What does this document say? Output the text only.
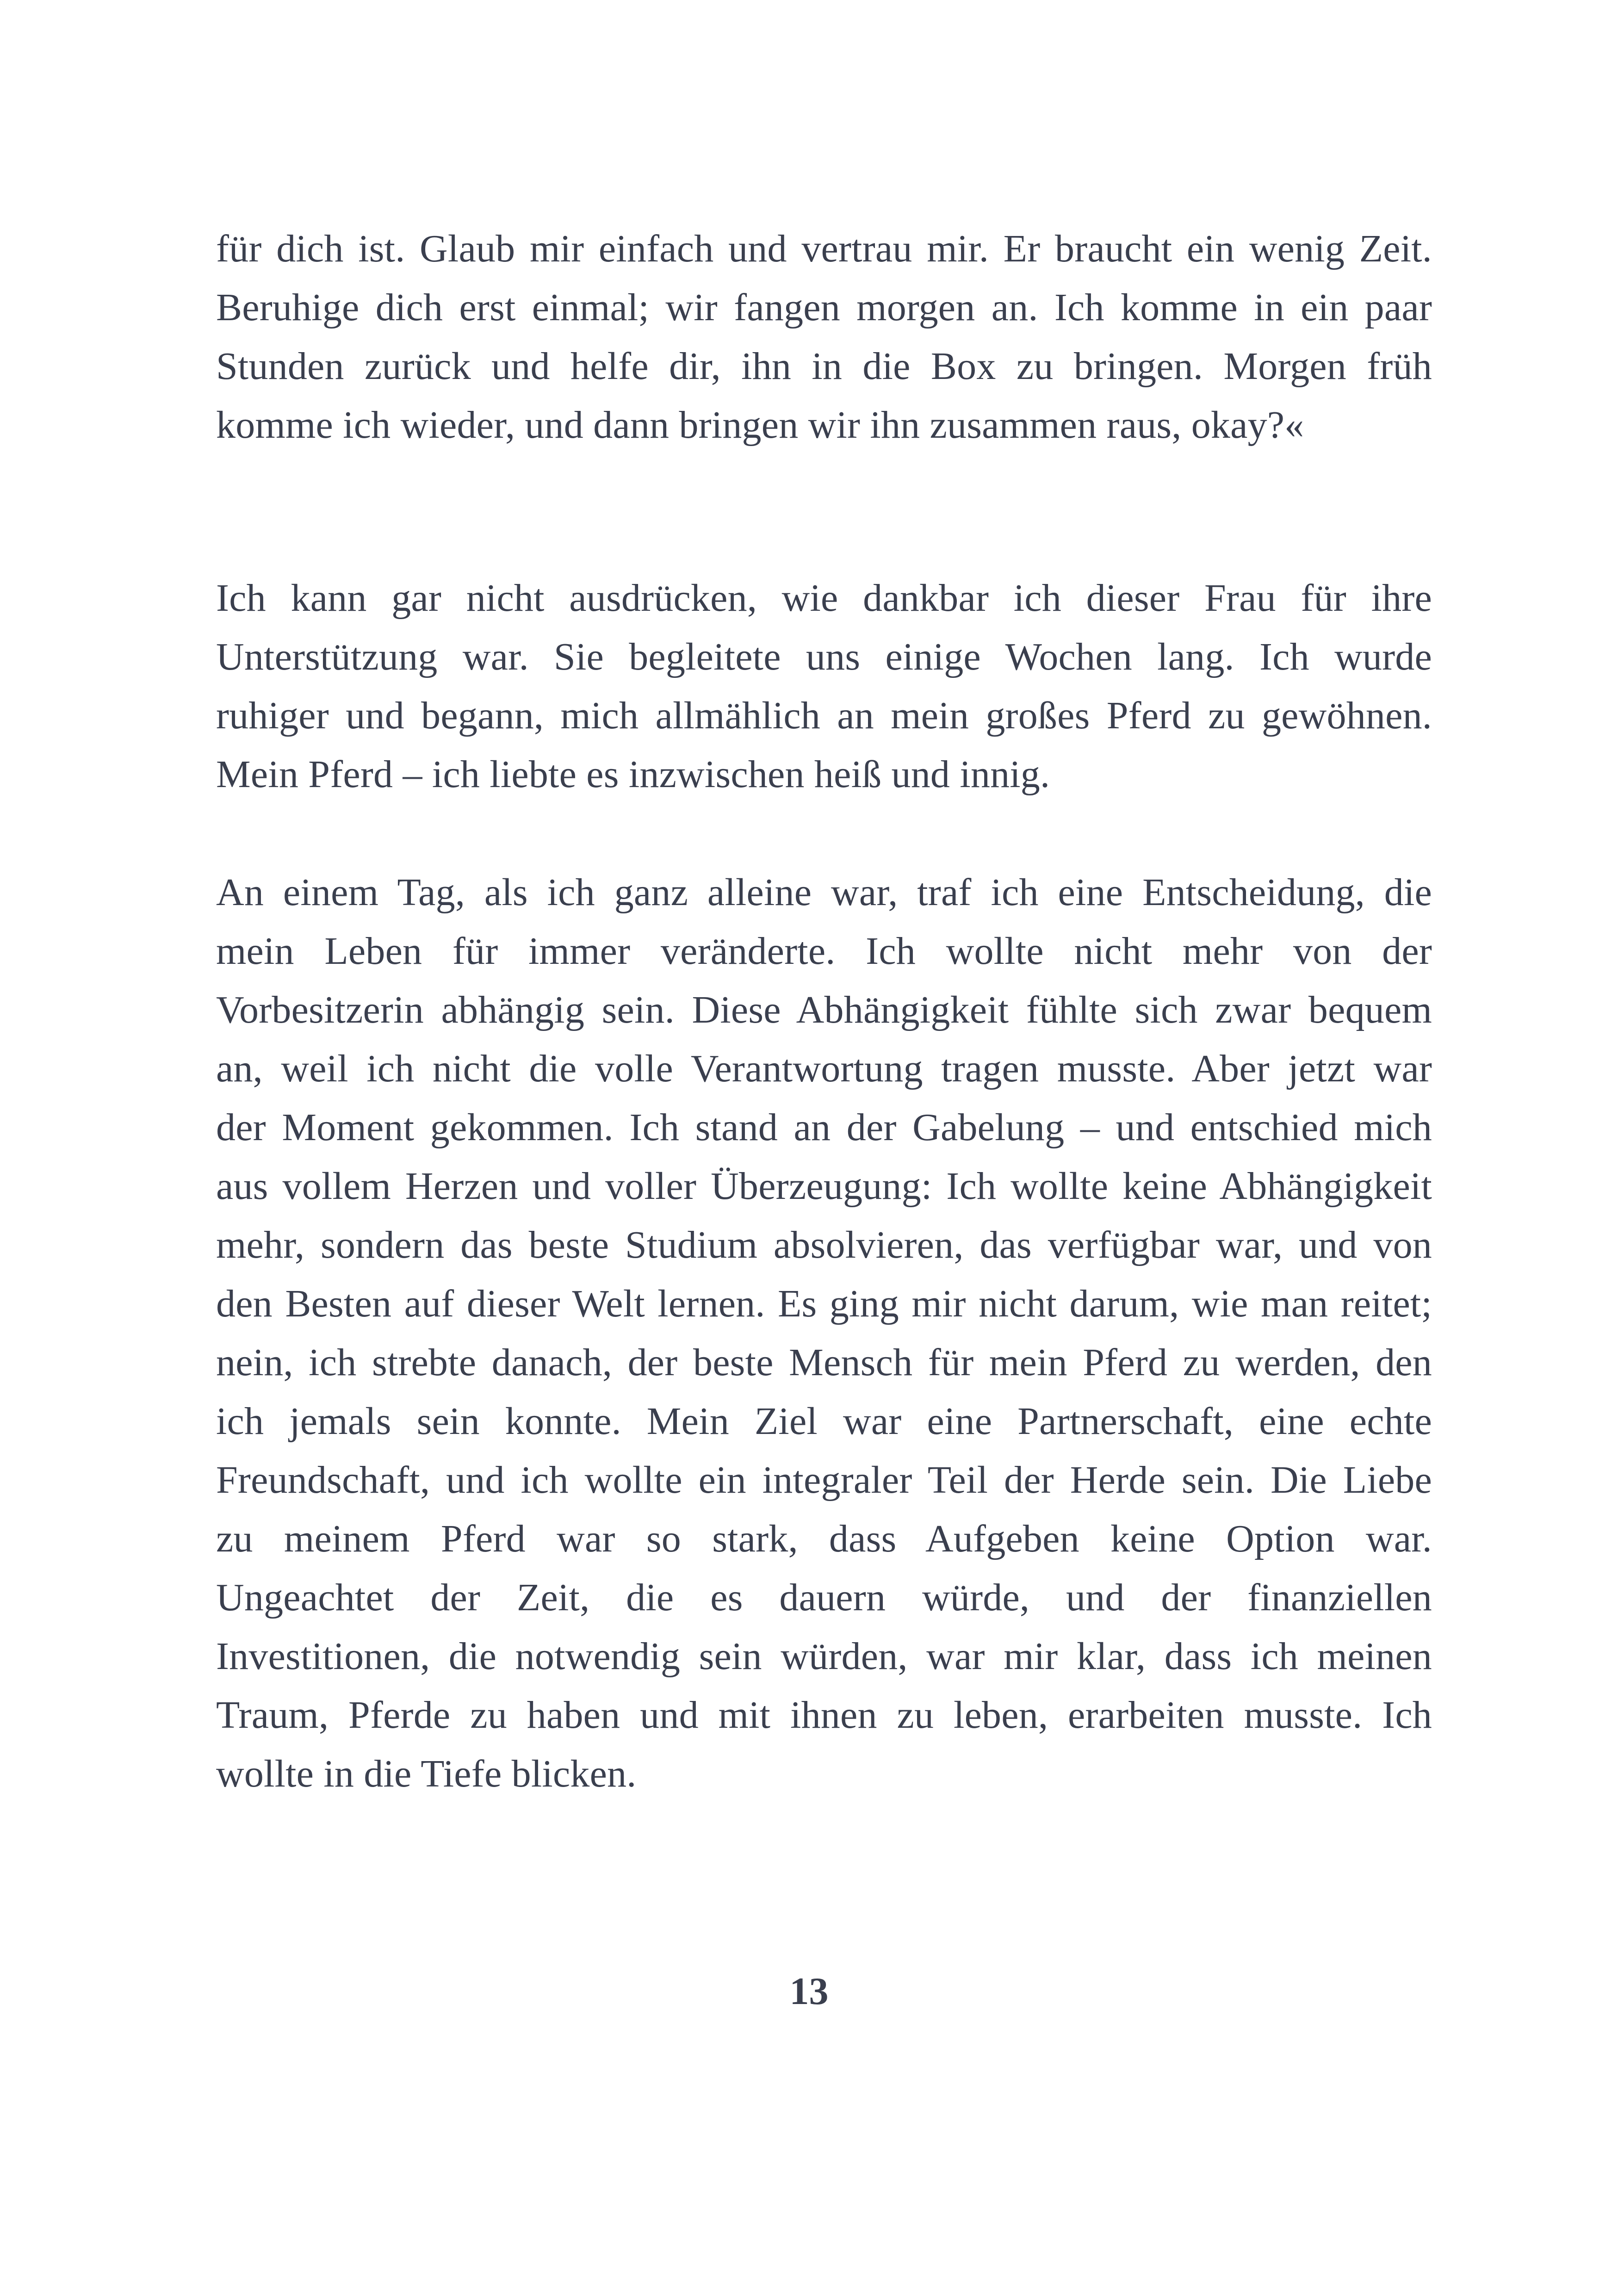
für dich ist. Glaub mir einfach und vertrau mir. Er braucht ein wenig Zeit.
Beruhige dich erst einmal; wir fangen morgen an. Ich komme in ein paar
Stunden zurück und helfe dir, ihn in die Box zu bringen. Morgen früh
komme ich wieder, und dann bringen wir ihn zusammen raus, okay?«
Ich kann gar nicht ausdrücken, wie dankbar ich dieser Frau für ihre
Unterstützung war. Sie begleitete uns einige Wochen lang. Ich wurde
ruhiger und begann, mich allmählich an mein großes Pferd zu gewöhnen.
Mein Pferd – ich liebte es inzwischen heiß und innig.
An einem Tag, als ich ganz alleine war, traf ich eine Entscheidung, die
mein Leben für immer veränderte. Ich wollte nicht mehr von der
Vorbesitzerin abhängig sein. Diese Abhängigkeit fühlte sich zwar bequem
an, weil ich nicht die volle Verantwortung tragen musste. Aber jetzt war
der Moment gekommen. Ich stand an der Gabelung – und entschied mich
aus vollem Herzen und voller Überzeugung: Ich wollte keine Abhängigkeit
mehr, sondern das beste Studium absolvieren, das verfügbar war, und von
den Besten auf dieser Welt lernen. Es ging mir nicht darum, wie man reitet;
nein, ich strebte danach, der beste Mensch für mein Pferd zu werden, den
ich jemals sein konnte. Mein Ziel war eine Partnerschaft, eine echte
Freundschaft, und ich wollte ein integraler Teil der Herde sein. Die Liebe
zu meinem Pferd war so stark, dass Aufgeben keine Option war.
Ungeachtet der Zeit, die es dauern würde, und der finanziellen
Investitionen, die notwendig sein würden, war mir klar, dass ich meinen
Traum, Pferde zu haben und mit ihnen zu leben, erarbeiten musste. Ich
wollte in die Tiefe blicken.
13
